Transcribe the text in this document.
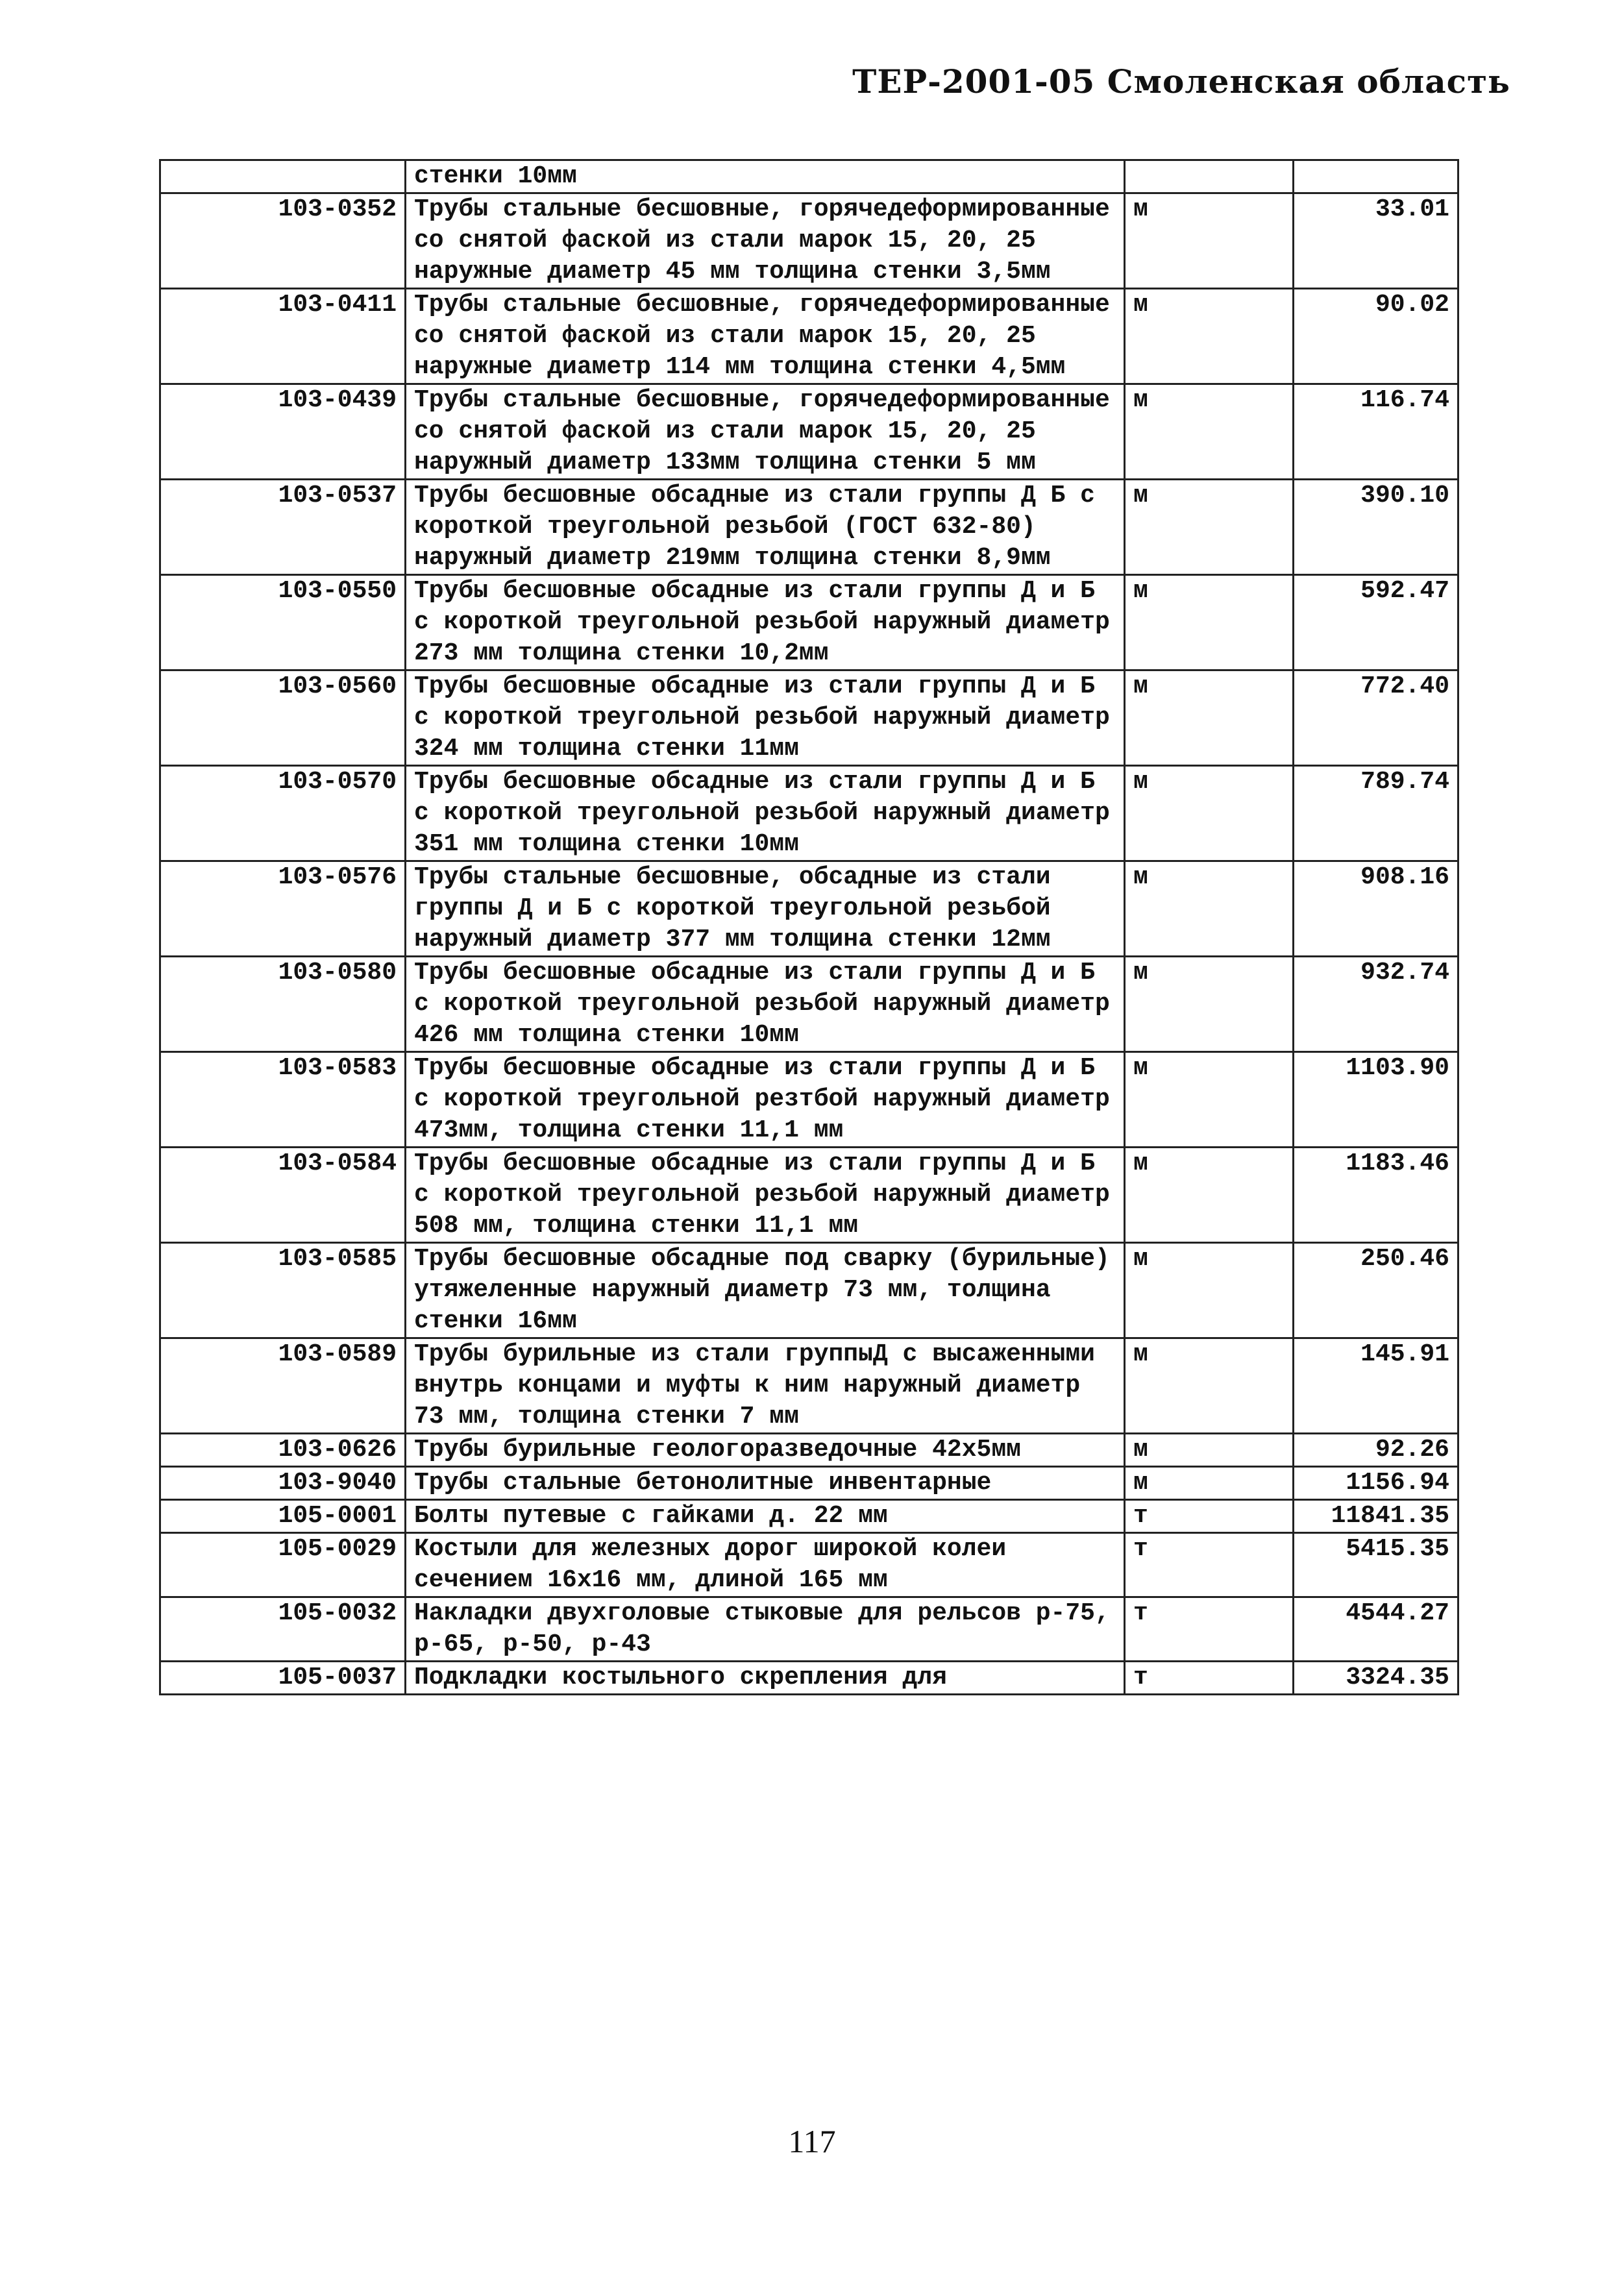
ТЕР-2001-05 Смоленская область
	стенки 10мм		
103-0352	Трубы стальные бесшовные, горячедеформированные со снятой фаской из стали марок 15, 20, 25 наружные диаметр 45 мм толщина стенки 3,5мм	м	33.01
103-0411	Трубы стальные бесшовные, горячедеформированные со снятой фаской из стали марок 15, 20, 25 наружные диаметр 114 мм толщина стенки 4,5мм	м	90.02
103-0439	Трубы стальные бесшовные, горячедеформированные со снятой фаской из стали марок 15, 20, 25 наружный диаметр 133мм толщина стенки 5 мм	м	116.74
103-0537	Трубы бесшовные обсадные из стали группы Д Б с короткой треугольной резьбой (ГОСТ 632-80) наружный диаметр 219мм толщина стенки 8,9мм	м	390.10
103-0550	Трубы бесшовные обсадные из стали группы Д и Б с короткой треугольной резьбой наружный диаметр 273 мм толщина стенки 10,2мм	м	592.47
103-0560	Трубы бесшовные обсадные из стали группы Д и Б с короткой треугольной резьбой наружный диаметр 324 мм толщина стенки 11мм	м	772.40
103-0570	Трубы бесшовные обсадные из стали группы Д и Б с короткой треугольной резьбой наружный диаметр 351 мм толщина стенки 10мм	м	789.74
103-0576	Трубы стальные бесшовные, обсадные из стали группы Д и Б с короткой треугольной резьбой наружный диаметр 377 мм толщина стенки 12мм	м	908.16
103-0580	Трубы бесшовные обсадные из стали группы Д и Б с короткой треугольной резьбой наружный диаметр 426 мм толщина стенки 10мм	м	932.74
103-0583	Трубы бесшовные обсадные из стали группы Д и Б с короткой треугольной резтбой наружный диаметр 473мм, толщина стенки 11,1 мм	м	1103.90
103-0584	Трубы бесшовные обсадные из стали группы Д и Б с короткой треугольной резьбой наружный диаметр 508 мм, толщина стенки 11,1 мм	м	1183.46
103-0585	Трубы бесшовные обсадные под сварку (бурильные) утяжеленные наружный диаметр 73 мм, толщина стенки 16мм	м	250.46
103-0589	Трубы бурильные из стали группыД с высаженными внутрь концами и муфты к ним наружный диаметр 73 мм, толщина стенки 7 мм	м	145.91
103-0626	Трубы бурильные геологоразведочные 42х5мм	м	92.26
103-9040	Трубы стальные бетонолитные инвентарные	м	1156.94
105-0001	Болты путевые с гайками д. 22 мм	т	11841.35
105-0029	Костыли для железных дорог широкой колеи сечением 16х16 мм, длиной 165 мм	т	5415.35
105-0032	Накладки двухголовые стыковые для рельсов р-75, р-65, р-50, р-43	т	4544.27
105-0037	Подкладки костыльного скрепления для	т	3324.35
117
